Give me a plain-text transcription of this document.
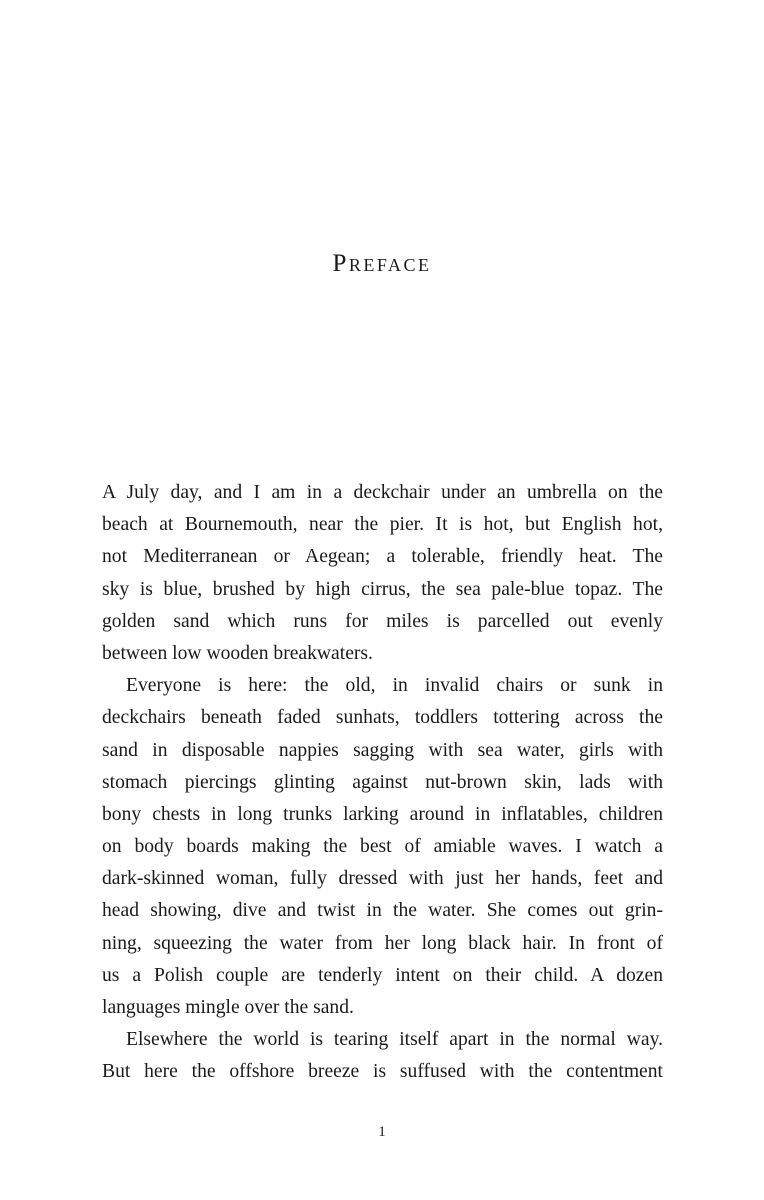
Preface

A July day, and I am in a deckchair under an umbrella on the
beach at Bournemouth, near the pier. It is hot, but English hot,
not Mediterranean or Aegean; a tolerable, friendly heat. The
sky is blue, brushed by high cirrus, the sea pale-blue topaz. The
golden sand which runs for miles is parcelled out evenly
between low wooden breakwaters.

Everyone is here: the old, in invalid chairs or sunk in
deckchairs beneath faded sunhats, toddlers tottering across the
sand in disposable nappies sagging with sea water, girls with
stomach piercings glinting against nut-brown skin, lads with
bony chests in long trunks larking around in inflatables, children
on body boards making the best of amiable waves. I watch a
dark-skinned woman, fully dressed with just her hands, feet and
head showing, dive and twist in the water. She comes out grin-
ning, squeezing the water from her long black hair. In front of
us a Polish couple are tenderly intent on their child. A dozen
languages mingle over the sand.

Elsewhere the world is tearing itself apart in the normal way.
But here the offshore breeze is suffused with the contentment

1
